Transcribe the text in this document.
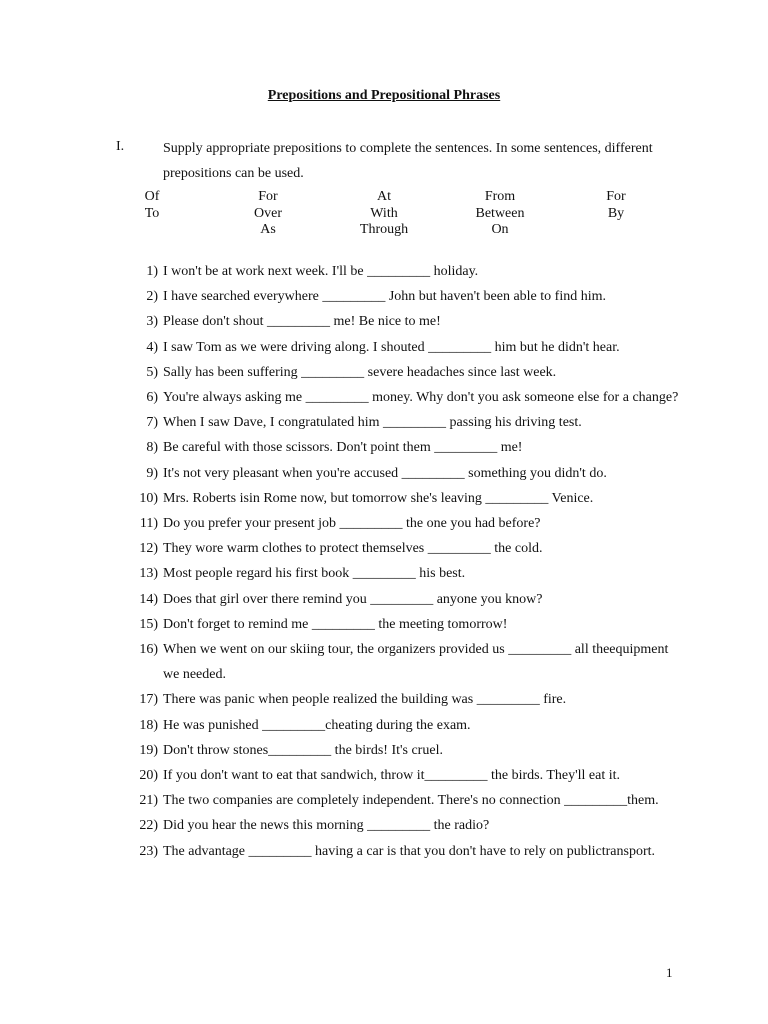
Prepositions and Prepositional Phrases
I.	Supply appropriate prepositions to complete the sentences. In some sentences, different prepositions can be used.
Of
To
For
Over
As
At
With
Through
From
Between
On
For
By
1) I won't be at work next week. I'll be _________ holiday.
2) I have searched everywhere _________ John but haven't been able to find him.
3) Please don't shout _________ me! Be nice to me!
4) I saw Tom as we were driving along. I shouted _________ him but he didn't hear.
5) Sally has been suffering _________ severe headaches since last week.
6) You're always asking me _________ money. Why don't you ask someone else for a change?
7) When I saw Dave, I congratulated him _________ passing his driving test.
8) Be careful with those scissors. Don't point them _________ me!
9) It's not very pleasant when you're accused _________ something you didn't do.
10) Mrs. Roberts isin Rome now, but tomorrow she's leaving _________ Venice.
11) Do you prefer your present job _________ the one you had before?
12) They wore warm clothes to protect themselves _________ the cold.
13) Most people regard his first book _________ his best.
14) Does that girl over there remind you _________ anyone you know?
15) Don't forget to remind me _________ the meeting tomorrow!
16) When we went on our skiing tour, the organizers provided us _________ all theequipment we needed.
17) There was panic when people realized the building was _________ fire.
18) He was punished _________cheating during the exam.
19) Don't throw stones_________ the birds! It's cruel.
20) If you don't want to eat that sandwich, throw it_________ the birds. They'll eat it.
21) The two companies are completely independent. There's no connection _________them.
22) Did you hear the news this morning _________ the radio?
23) The advantage _________ having a car is that you don't have to rely on publictransport.
1
